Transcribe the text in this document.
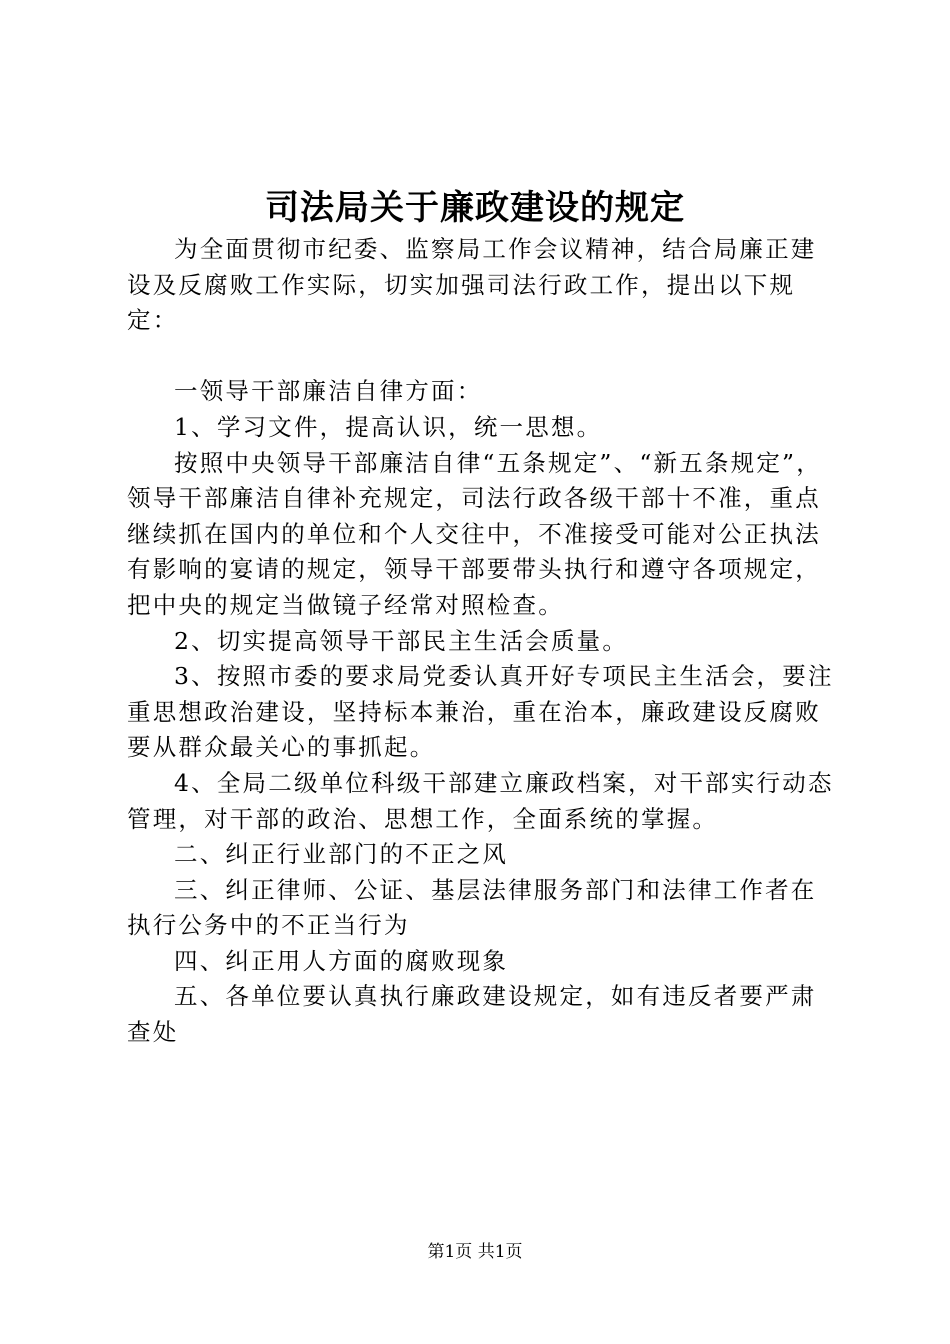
司法局关于廉政建设的规定

为全面贯彻市纪委、监察局工作会议精神，结合局廉正建设及反腐败工作实际，切实加强司法行政工作，提出以下规定：

一领导干部廉洁自律方面：

1、学习文件，提高认识，统一思想。

按照中央领导干部廉洁自律“五条规定”、“新五条规定”，领导干部廉洁自律补充规定，司法行政各级干部十不准，重点继续抓在国内的单位和个人交往中，不准接受可能对公正执法有影响的宴请的规定，领导干部要带头执行和遵守各项规定，把中央的规定当做镜子经常对照检查。

2、切实提高领导干部民主生活会质量。

3、按照市委的要求局党委认真开好专项民主生活会，要注重思想政治建设，坚持标本兼治，重在治本，廉政建设反腐败要从群众最关心的事抓起。

4、全局二级单位科级干部建立廉政档案，对干部实行动态管理，对干部的政治、思想工作，全面系统的掌握。

二、纠正行业部门的不正之风

三、纠正律师、公证、基层法律服务部门和法律工作者在执行公务中的不正当行为

四、纠正用人方面的腐败现象

五、各单位要认真执行廉政建设规定，如有违反者要严肃查处

第1页 共1页
